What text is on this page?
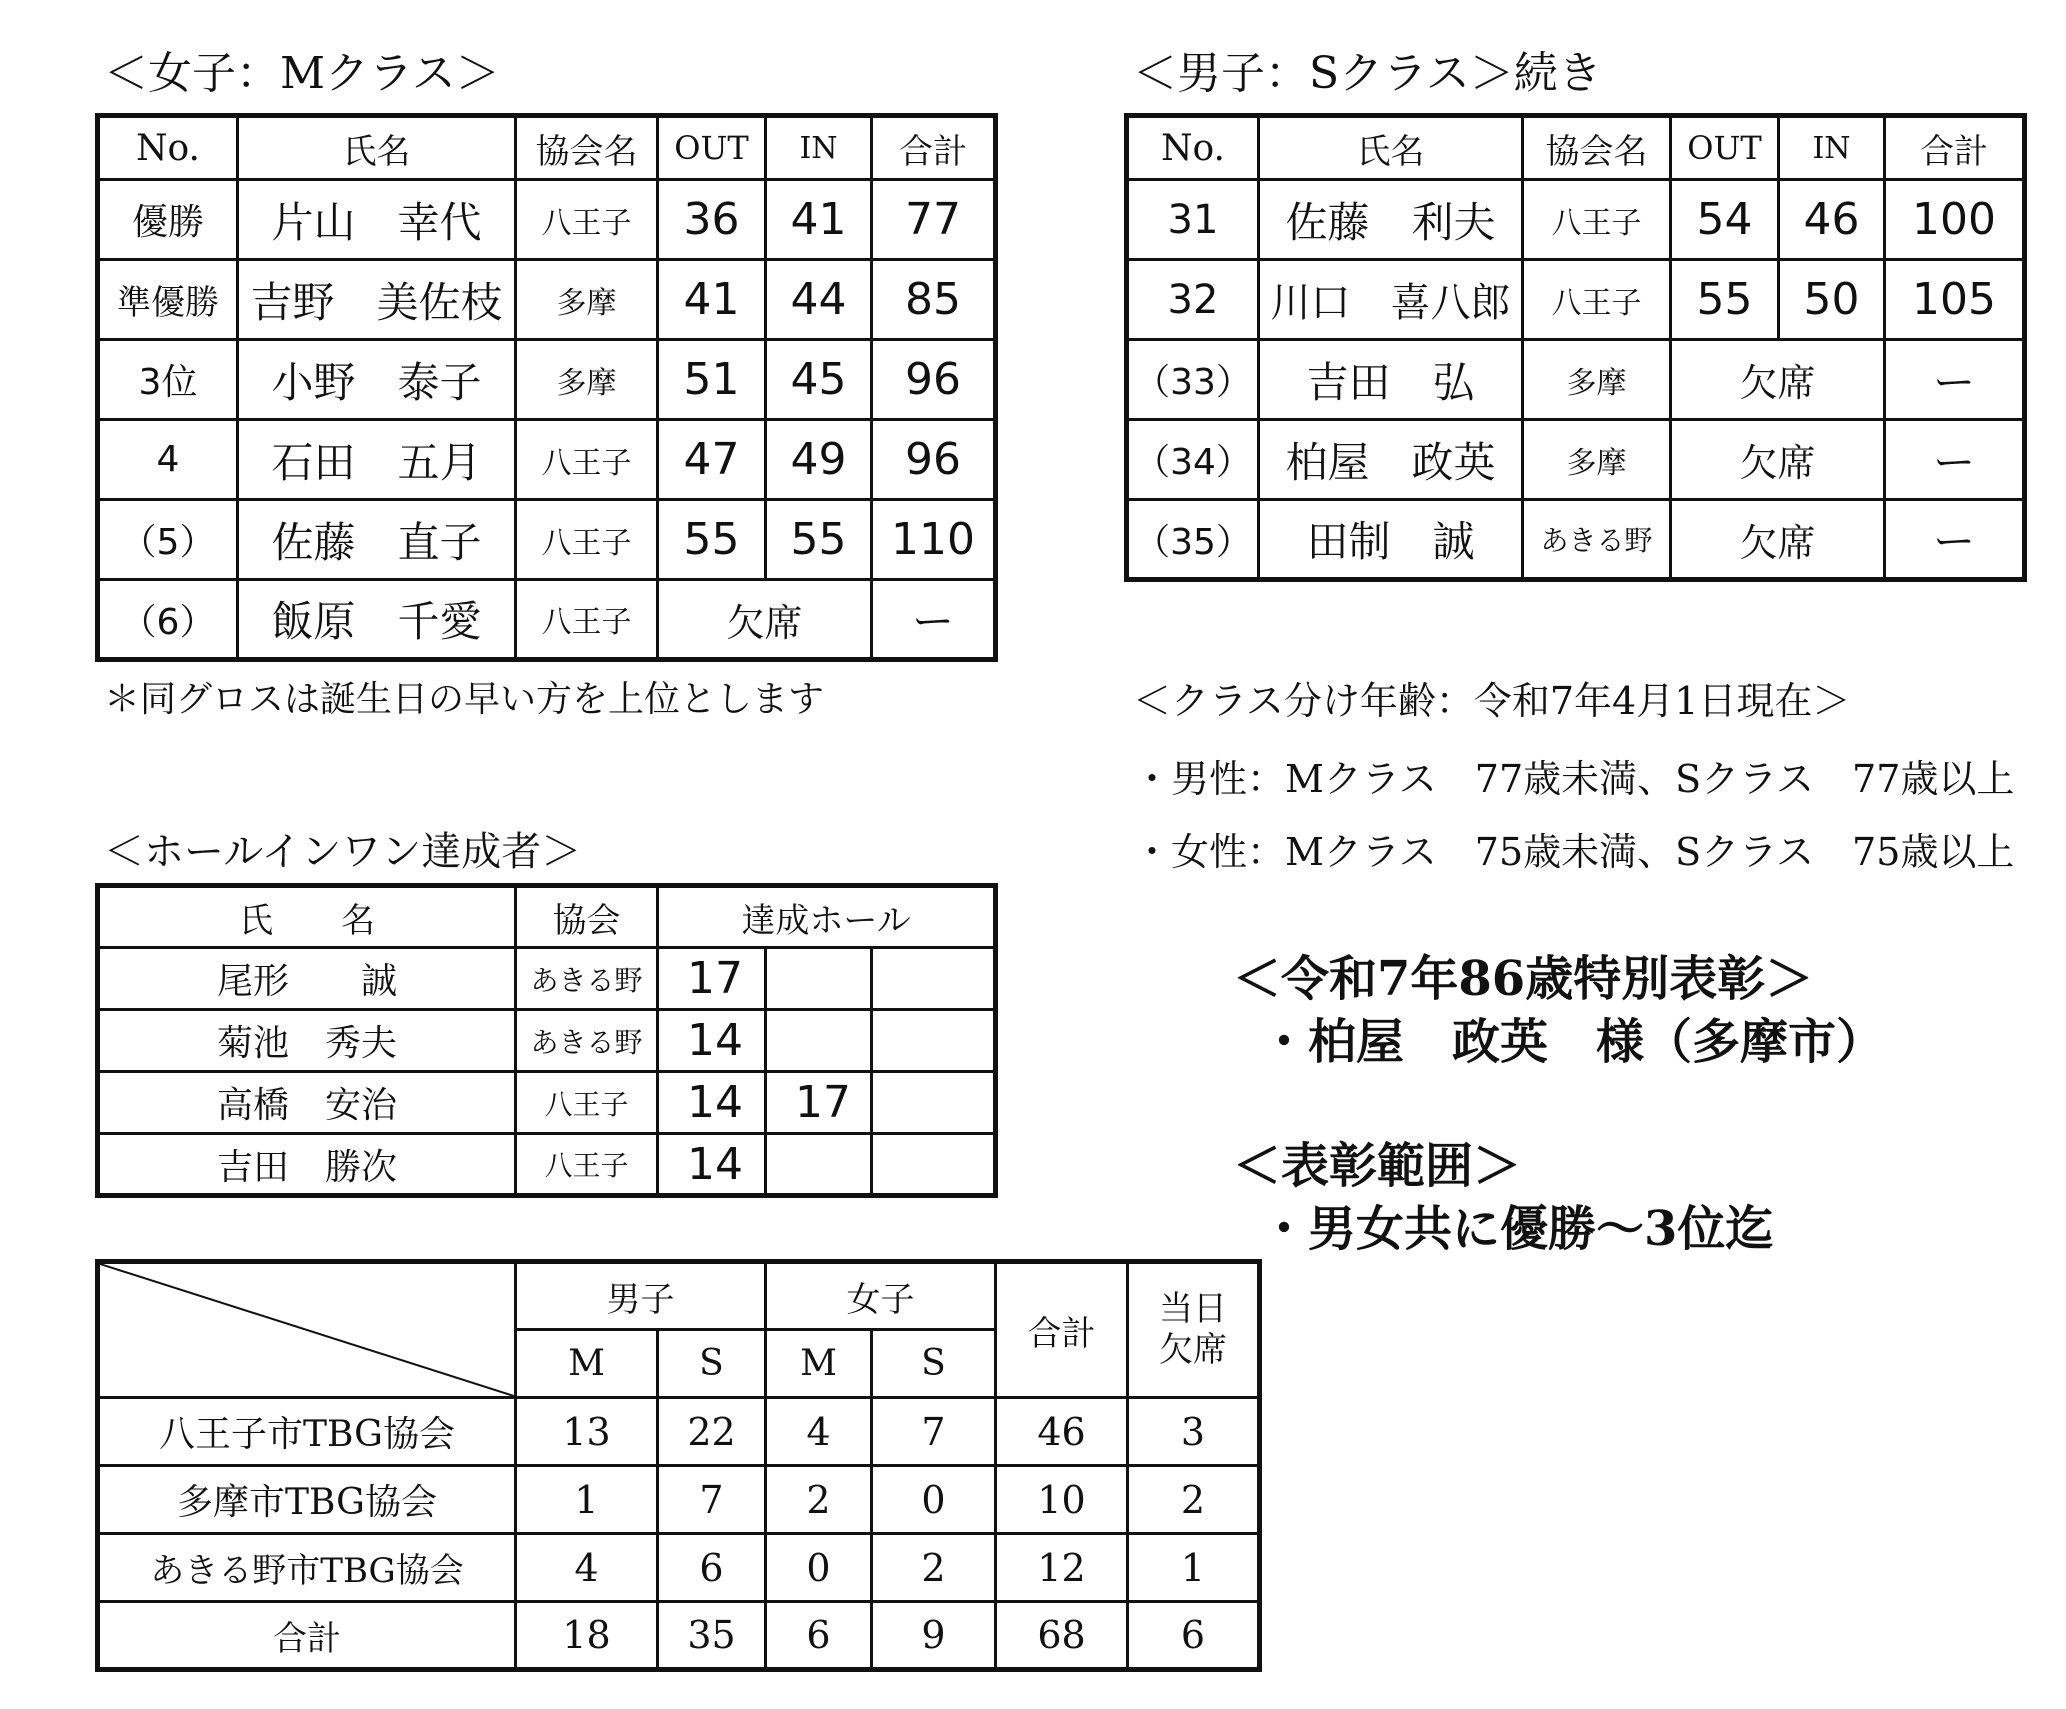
＜女子：Mクラス＞
No.	氏名	協会名	OUT	IN	合計
優勝	片山　幸代	八王子	36	41	77
準優勝	吉野　美佐枝	多摩	41	44	85
3位	小野　泰子	多摩	51	45	96
4	石田　五月	八王子	47	49	96
（5）	佐藤　直子	八王子	55	55	110
（6）	飯原　千愛	八王子	欠席		ー
＊同グロスは誕生日の早い方を上位とします
＜男子：Sクラス＞続き
No.	氏名	協会名	OUT	IN	合計
31	佐藤　利夫	八王子	54	46	100
32	川口　喜八郎	八王子	55	50	105
（33）	吉田　弘	多摩	欠席		ー
（34）	柏屋　政英	多摩	欠席		ー
（35）	田制　誠	あきる野	欠席		ー
＜クラス分け年齢：令和7年4月1日現在＞
・男性：Mクラス　77歳未満、Sクラス　77歳以上
・女性：Mクラス　75歳未満、Sクラス　75歳以上
＜令和7年86歳特別表彰＞
・柏屋　政英　様（多摩市）
＜表彰範囲＞
・男女共に優勝～3位迄
＜ホールインワン達成者＞
氏　　名	協会	達成ホール		
尾形　　誠	あきる野	17		
菊池　秀夫	あきる野	14		
高橋　安治	八王子	14	17	
吉田　勝次	八王子	14		
	男子		女子		合計	当日
欠席

	M	S	M	S		
八王子市TBG協会	13	22	4	7	46	3
多摩市TBG協会	1	7	2	0	10	2
あきる野市TBG協会	4	6	0	2	12	1
合計	18	35	6	9	68	6
